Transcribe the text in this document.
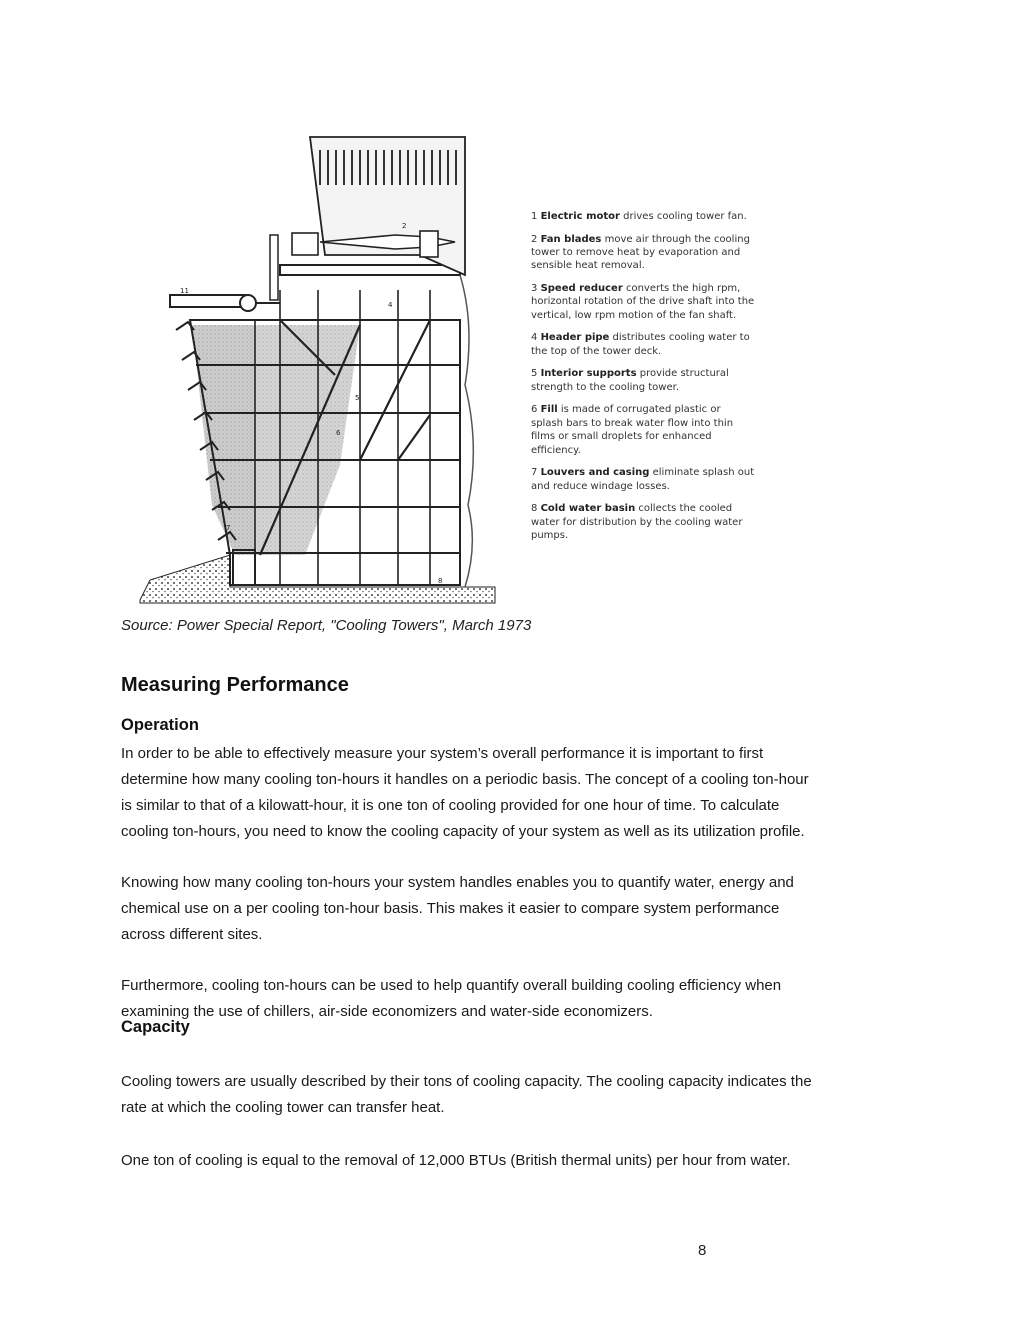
2
4
11
5
6
7
8
1 Electric motor drives cooling tower fan.
2 Fan blades move air through the cooling
tower to remove heat by evaporation and
sensible heat removal.
3 Speed reducer converts the high rpm,
horizontal rotation of the drive shaft into the
vertical, low rpm motion of the fan shaft.
4 Header pipe distributes cooling water to
the top of the tower deck.
5 Interior supports provide structural
strength to the cooling tower.
6 Fill is made of corrugated plastic or
splash bars to break water flow into thin
films or small droplets for enhanced
efficiency.
7 Louvers and casing eliminate splash out
and reduce windage losses.
8 Cold water basin collects the cooled
water for distribution by the cooling water
pumps.
Source: Power Special Report, "Cooling Towers", March 1973
Measuring Performance
Operation

In order to be able to effectively measure your system’s overall performance it is important to first
determine how many cooling ton-hours it handles on a periodic basis. The concept of a cooling ton-hour
is similar to that of a kilowatt-hour, it is one ton of cooling provided for one hour of time. To calculate
cooling ton-hours, you need to know the cooling capacity of your system as well as its utilization profile.

Knowing how many cooling ton-hours your system handles enables you to quantify water, energy and
chemical use on a per cooling ton-hour basis. This makes it easier to compare system performance
across different sites.

Furthermore, cooling ton-hours can be used to help quantify overall building cooling efficiency when
examining the use of chillers, air-side economizers and water-side economizers.

Capacity

Cooling towers are usually described by their tons of cooling capacity. The cooling capacity indicates the
rate at which the cooling tower can transfer heat.

One ton of cooling is equal to the removal of 12,000 BTUs (British thermal units) per hour from water.

8
